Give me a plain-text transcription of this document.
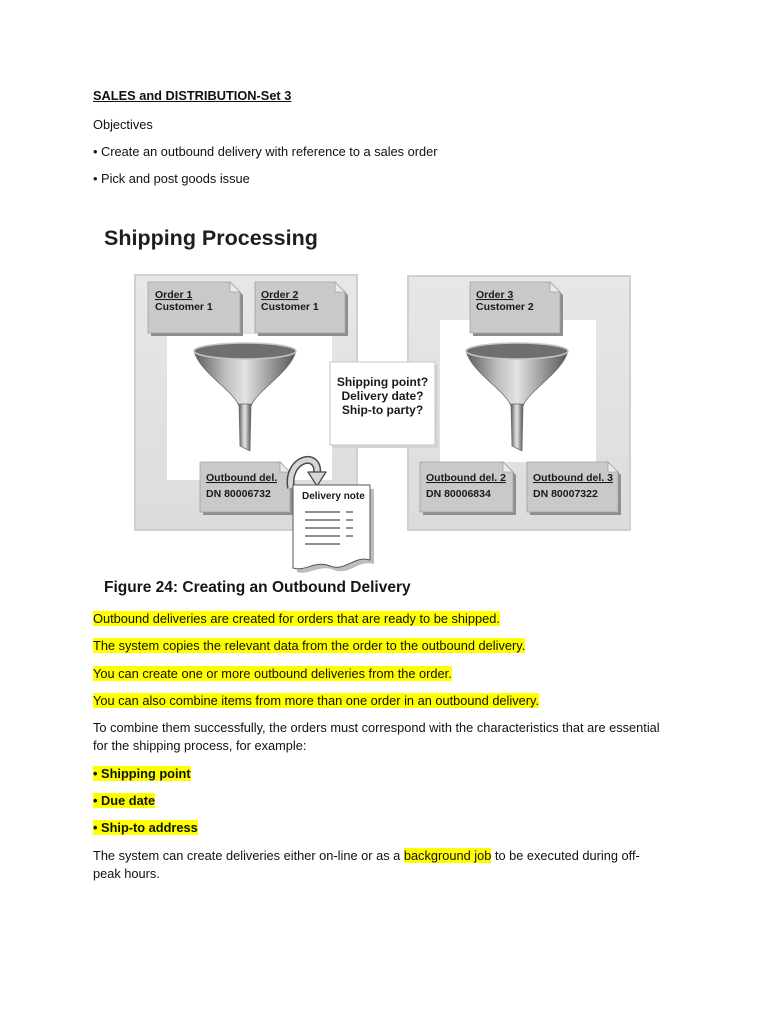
SALES and DISTRIBUTION-Set 3
Objectives
• Create an outbound delivery with reference to a sales order
• Pick and post goods issue
Shipping Processing
Order 1
Customer 1
Order 2
Customer 1
Order 3
Customer 2
Outbound del.
DN 80006732
Outbound del. 2
DN 80006834
Outbound del. 3
DN 80007322
Shipping point?
Delivery date?
Ship-to party?
Delivery note
Figure 24: Creating an Outbound Delivery
Outbound deliveries are created for orders that are ready to be shipped.
The system copies the relevant data from the order to the outbound delivery.
You can create one or more outbound deliveries from the order.
You can also combine items from more than one order in an outbound delivery.
To combine them successfully, the orders must correspond with the characteristics that are essential
for the shipping process, for example:
• Shipping point
• Due date
• Ship-to address
The system can create deliveries either on-line or as a background job to be executed during off-
peak hours.
